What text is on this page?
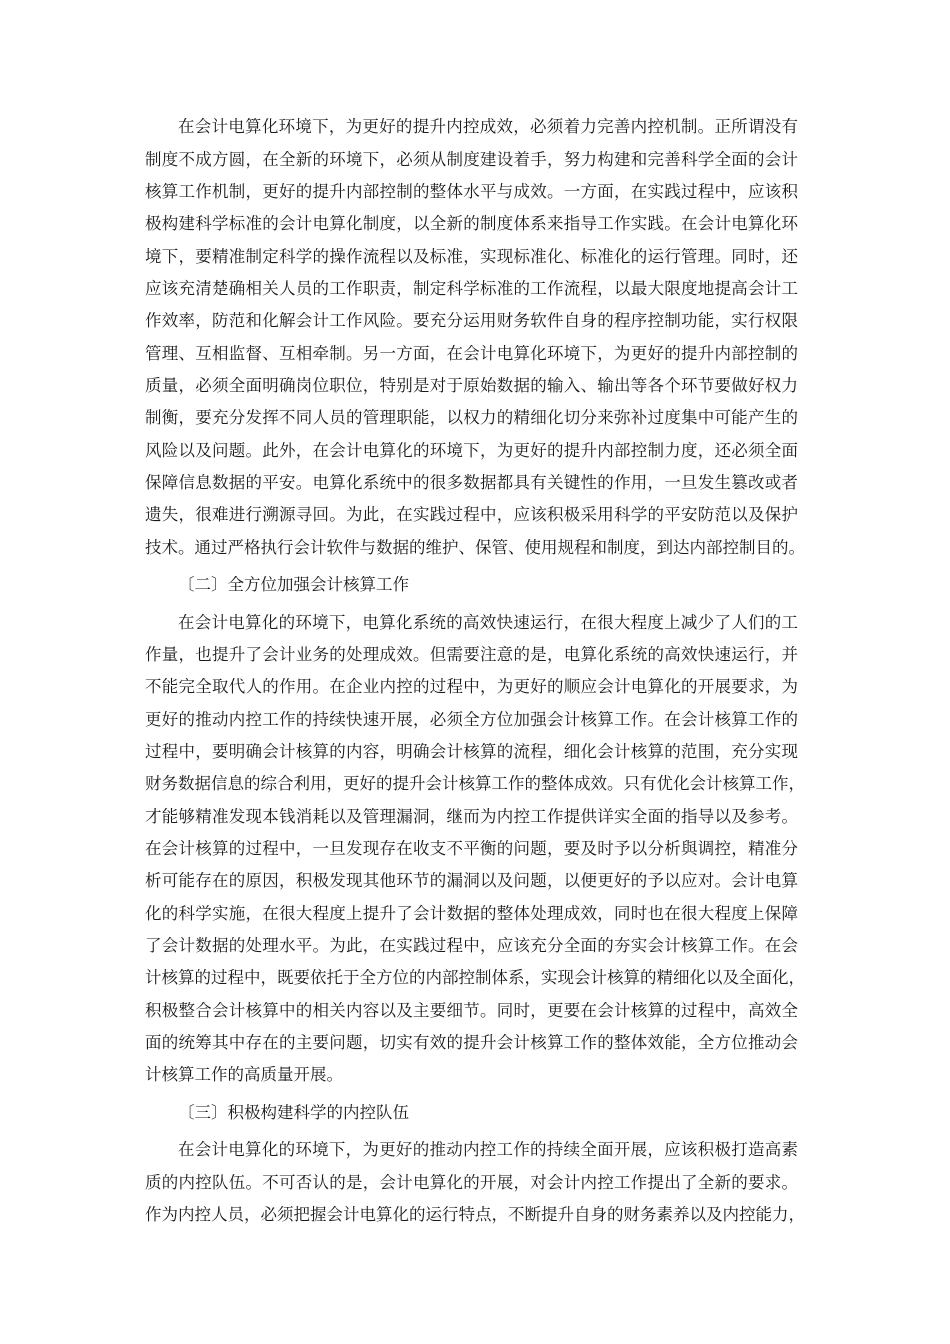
在会计电算化环境下，为更好的提升内控成效，必须着力完善内控机制。正所谓没有
制度不成方圆，在全新的环境下，必须从制度建设着手，努力构建和完善科学全面的会计
核算工作机制，更好的提升内部控制的整体水平与成效。一方面，在实践过程中，应该积
极构建科学标准的会计电算化制度，以全新的制度体系来指导工作实践。在会计电算化环
境下，要精准制定科学的操作流程以及标准，实现标准化、标准化的运行管理。同时，还
应该充清楚确相关人员的工作职责，制定科学标准的工作流程，以最大限度地提高会计工
作效率，防范和化解会计工作风险。要充分运用财务软件自身的程序控制功能，实行权限
管理、互相监督、互相牵制。另一方面，在会计电算化环境下，为更好的提升内部控制的
质量，必须全面明确岗位职位，特别是对于原始数据的输入、输出等各个环节要做好权力
制衡，要充分发挥不同人员的管理职能，以权力的精细化切分来弥补过度集中可能产生的
风险以及问题。此外，在会计电算化的环境下，为更好的提升内部控制力度，还必须全面
保障信息数据的平安。电算化系统中的很多数据都具有关键性的作用，一旦发生篡改或者
遗失，很难进行溯源寻回。为此，在实践过程中，应该积极采用科学的平安防范以及保护
技术。通过严格执行会计软件与数据的维护、保管、使用规程和制度，到达内部控制目的。
〔二〕全方位加强会计核算工作
在会计电算化的环境下，电算化系统的高效快速运行，在很大程度上减少了人们的工
作量，也提升了会计业务的处理成效。但需要注意的是，电算化系统的高效快速运行，并
不能完全取代人的作用。在企业内控的过程中，为更好的顺应会计电算化的开展要求，为
更好的推动内控工作的持续快速开展，必须全方位加强会计核算工作。在会计核算工作的
过程中，要明确会计核算的内容，明确会计核算的流程，细化会计核算的范围，充分实现
财务数据信息的综合利用，更好的提升会计核算工作的整体成效。只有优化会计核算工作，
才能够精准发现本钱消耗以及管理漏洞，继而为内控工作提供详实全面的指导以及参考。
在会计核算的过程中，一旦发现存在收支不平衡的问题，要及时予以分析與调控，精准分
析可能存在的原因，积极发现其他环节的漏洞以及问题，以便更好的予以应对。会计电算
化的科学实施，在很大程度上提升了会计数据的整体处理成效，同时也在很大程度上保障
了会计数据的处理水平。为此，在实践过程中，应该充分全面的夯实会计核算工作。在会
计核算的过程中，既要依托于全方位的内部控制体系，实现会计核算的精细化以及全面化，
积极整合会计核算中的相关内容以及主要细节。同时，更要在会计核算的过程中，高效全
面的统筹其中存在的主要问题，切实有效的提升会计核算工作的整体效能，全方位推动会
计核算工作的高质量开展。
〔三〕积极构建科学的内控队伍
在会计电算化的环境下，为更好的推动内控工作的持续全面开展，应该积极打造高素
质的内控队伍。不可否认的是，会计电算化的开展，对会计内控工作提出了全新的要求。
作为内控人员，必须把握会计电算化的运行特点，不断提升自身的财务素养以及内控能力，
